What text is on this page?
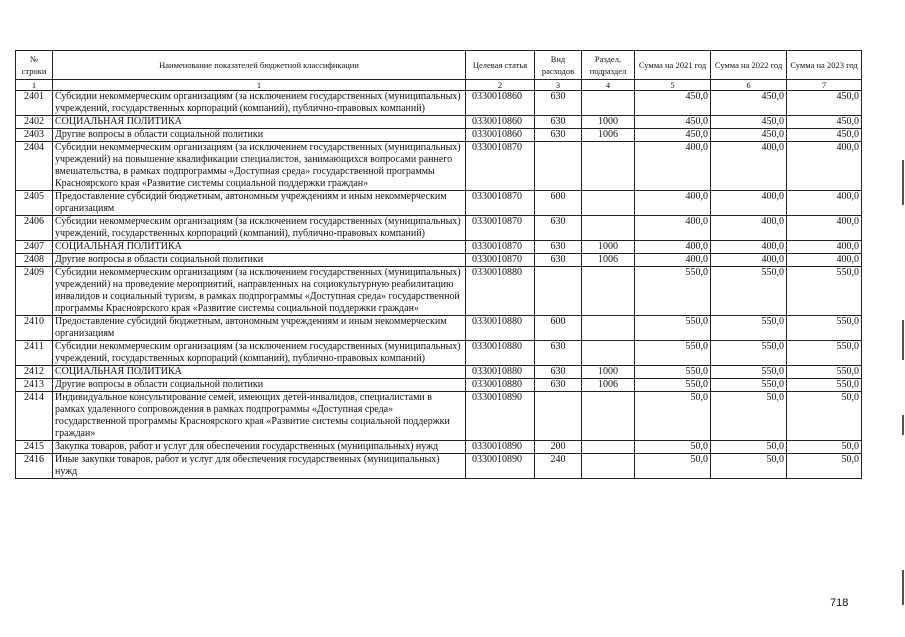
№ строки	Наименование показателей бюджетной классификации	Целевая статья	Вид расходов	Раздел, подраздел	Сумма на 2021 год	Сумма на 2022 год	Сумма на 2023 год
1	1	2	3	4	5	6	7
2401	Субсидии некоммерческим организациям (за исключением государственных (муниципальных) учреждений, государственных корпораций (компаний), публично-правовых компаний)	0330010860	630		450,0	450,0	450,0
2402	СОЦИАЛЬНАЯ ПОЛИТИКА	0330010860	630	1000	450,0	450,0	450,0
2403	Другие вопросы в области социальной политики	0330010860	630	1006	450,0	450,0	450,0
2404	Субсидии некоммерческим организациям (за исключением государственных (муниципальных) учреждений) на повышение квалификации специалистов, занимающихся вопросами раннего вмешательства, в рамках подпрограммы «Доступная среда» государственной программы Красноярского края «Развитие системы социальной поддержки граждан»	0330010870			400,0	400,0	400,0
2405	Предоставление субсидий бюджетным, автономным учреждениям и иным некоммерческим организациям	0330010870	600		400,0	400,0	400,0
2406	Субсидии некоммерческим организациям (за исключением государственных (муниципальных) учреждений, государственных корпораций (компаний), публично-правовых компаний)	0330010870	630		400,0	400,0	400,0
2407	СОЦИАЛЬНАЯ ПОЛИТИКА	0330010870	630	1000	400,0	400,0	400,0
2408	Другие вопросы в области социальной политики	0330010870	630	1006	400,0	400,0	400,0
2409	Субсидии некоммерческим организациям (за исключением государственных (муниципальных) учреждений) на проведение мероприятий, направленных на социокультурную реабилитацию инвалидов и социальный туризм, в рамках подпрограммы «Доступная среда» государственной программы Красноярского края «Развитие системы социальной поддержки граждан»	0330010880			550,0	550,0	550,0
2410	Предоставление субсидий бюджетным, автономным учреждениям и иным некоммерческим организациям	0330010880	600		550,0	550,0	550,0
2411	Субсидии некоммерческим организациям (за исключением государственных (муниципальных) учреждений, государственных корпораций (компаний), публично-правовых компаний)	0330010880	630		550,0	550,0	550,0
2412	СОЦИАЛЬНАЯ ПОЛИТИКА	0330010880	630	1000	550,0	550,0	550,0
2413	Другие вопросы в области социальной политики	0330010880	630	1006	550,0	550,0	550,0
2414	Индивидуальное консультирование семей, имеющих детей-инвалидов, специалистами в рамках удаленного сопровождения в рамках подпрограммы «Доступная среда» государственной программы Красноярского края «Развитие системы социальной поддержки граждан»	0330010890			50,0	50,0	50,0
2415	Закупка товаров, работ и услуг для обеспечения государственных (муниципальных) нужд	0330010890	200		50,0	50,0	50,0
2416	Иные закупки товаров, работ и услуг для обеспечения государственных (муниципальных) нужд	0330010890	240		50,0	50,0	50,0
718
